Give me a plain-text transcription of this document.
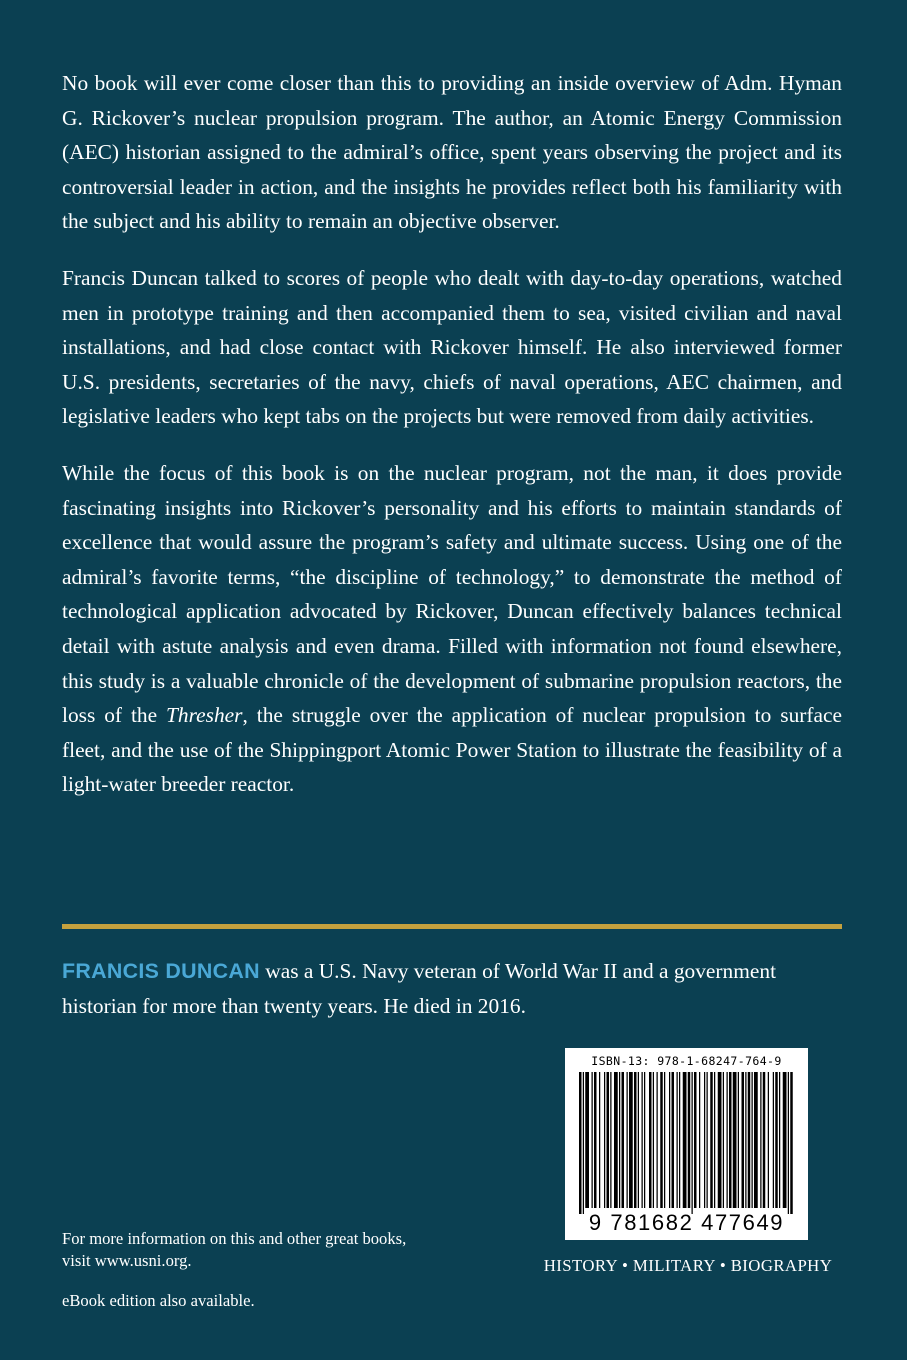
No book will ever come closer than this to providing an inside overview of Adm. Hyman G. Rickover’s nuclear propulsion program. The author, an Atomic Energy Commission (AEC) historian assigned to the admiral’s office, spent years observing the project and its controversial leader in action, and the insights he provides reflect both his familiarity with the subject and his ability to remain an objective observer.

Francis Duncan talked to scores of people who dealt with day-to-day operations, watched men in prototype training and then accompanied them to sea, visited civilian and naval installations, and had close contact with Rickover himself. He also interviewed former U.S. presidents, secretaries of the navy, chiefs of naval operations, AEC chairmen, and legislative leaders who kept tabs on the projects but were removed from daily activities.

While the focus of this book is on the nuclear program, not the man, it does provide fascinating insights into Rickover’s personality and his efforts to maintain standards of excellence that would assure the program’s safety and ultimate success. Using one of the admiral’s favorite terms, “the discipline of technology,” to demonstrate the method of technological application advocated by Rickover, Duncan effectively balances technical detail with astute analysis and even drama. Filled with information not found elsewhere, this study is a valuable chronicle of the development of submarine propulsion reactors, the loss of the Thresher, the struggle over the application of nuclear propulsion to surface fleet, and the use of the Shippingport Atomic Power Station to illustrate the feasibility of a light-water breeder reactor.

FRANCIS DUNCAN was a U.S. Navy veteran of World War II and a government historian for more than twenty years. He died in 2016.

For more information on this and other great books, visit www.usni.org.

eBook edition also available.

ISBN-13: 978-1-68247-764-9
9 781682 477649

HISTORY • MILITARY • BIOGRAPHY
